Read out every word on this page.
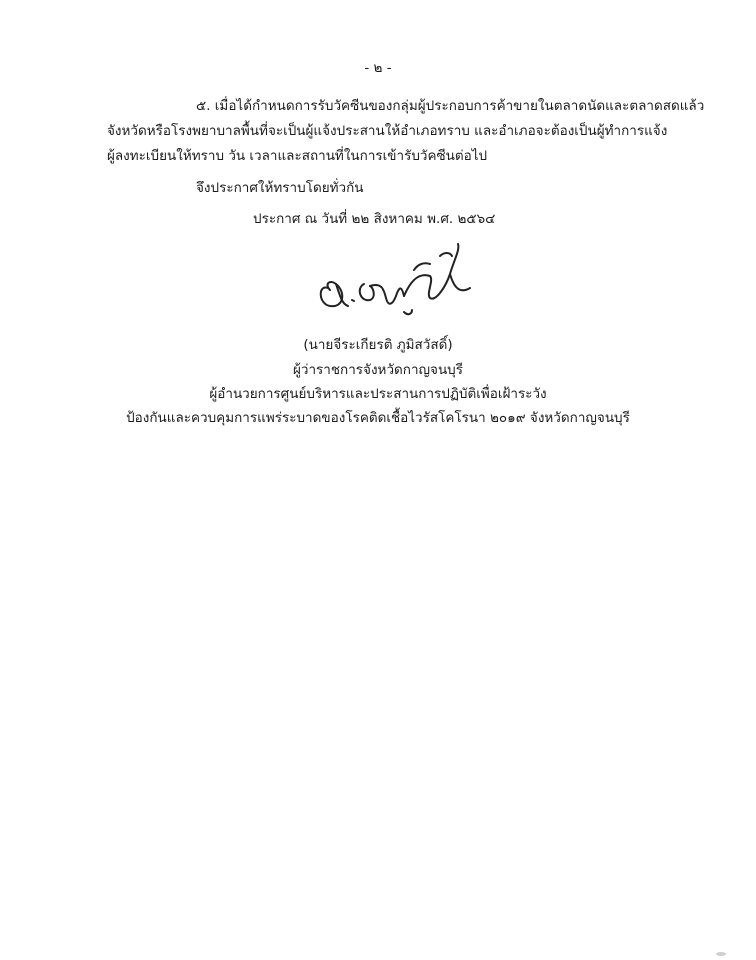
- ๒ -
๕. เมื่อได้กำหนดการรับวัคซีนของกลุ่มผู้ประกอบการค้าขายในตลาดนัดและตลาดสดแล้ว
จังหวัดหรือโรงพยาบาลพื้นที่จะเป็นผู้แจ้งประสานให้อำเภอทราบ และอำเภอจะต้องเป็นผู้ทำการแจ้ง
ผู้ลงทะเบียนให้ทราบ วัน เวลาและสถานที่ในการเข้ารับวัคซีนต่อไป
จึงประกาศให้ทราบโดยทั่วกัน
ประกาศ ณ วันที่ ๒๒ สิงหาคม พ.ศ. ๒๕๖๔
(นายจีระเกียรติ ภูมิสวัสดิ์)
ผู้ว่าราชการจังหวัดกาญจนบุรี
ผู้อำนวยการศูนย์บริหารและประสานการปฏิบัติเพื่อเฝ้าระวัง
ป้องกันและควบคุมการแพร่ระบาดของโรคติดเชื้อไวรัสโคโรนา ๒๐๑๙ จังหวัดกาญจนบุรี
